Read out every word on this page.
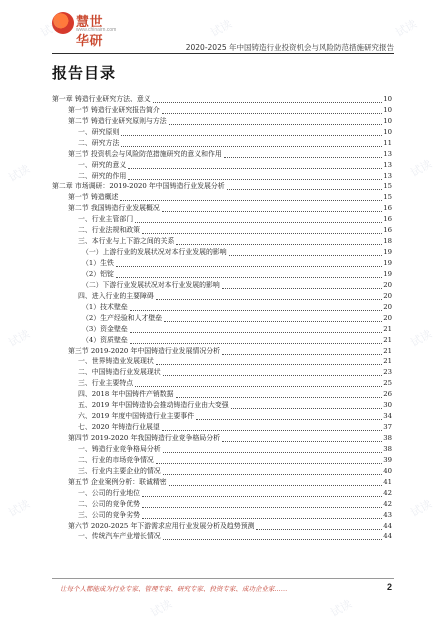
慧世华研
www.chinairn.com
2020-2025 年中国铸造行业投资机会与风险防范措施研究报告
报告目录
第一章 铸造行业研究方法、意义	10
第一节 铸造行业研究报告简介	10
第二节 铸造行业研究原则与方法	10
一、研究原则	10
二、研究方法	11
第三节 投资机会与风险防范措施研究的意义和作用	13
一、研究的意义	13
二、研究的作用	13
第二章 市场调研：2019-2020 年中国铸造行业发展分析	15
第一节 铸造概述	15
第二节 我国铸造行业发展概况	16
一、行业主管部门	16
二、行业法规和政策	16
三、本行业与上下游之间的关系	18
（一）上游行业的发展状况对本行业发展的影响	19
（1）生铁	19
（2）铝锭	19
（二）下游行业发展状况对本行业发展的影响	20
四、进入行业的主要障碍	20
（1）技术壁垒	20
（2）生产经验和人才壁垒	20
（3）资金壁垒	21
（4）资质壁垒	21
第三节 2019-2020 年中国铸造行业发展情况分析	21
一、世界铸造业发展现状	21
二、中国铸造行业发展现状	23
三、行业主要特点	25
四、2018 年中国铸件产销数据	26
五、2019 年中国铸造协会推动铸造行业由大变强	30
六、2019 年度中国铸造行业主要事件	34
七、2020 年铸造行业展望	37
第四节 2019-2020 年我国铸造行业竞争格局分析	38
一、铸造行业竞争格局分析	38
二、行业的市场竞争情况	39
三、行业内主要企业的情况	40
第五节 企业案例分析：联诚精密	41
一、公司的行业地位	42
二、公司的竞争优势	42
三、公司的竞争劣势	43
第六节 2020-2025 年下游需求应用行业发展分析及趋势预测	44
一、传统汽车产业增长情况	44
让每个人都能成为行业专家、管理专家、研究专家、投资专家、成功企业家……	2
试读	试读	试读
试读	试读
试读	试读
试读	试读
试读	试读
